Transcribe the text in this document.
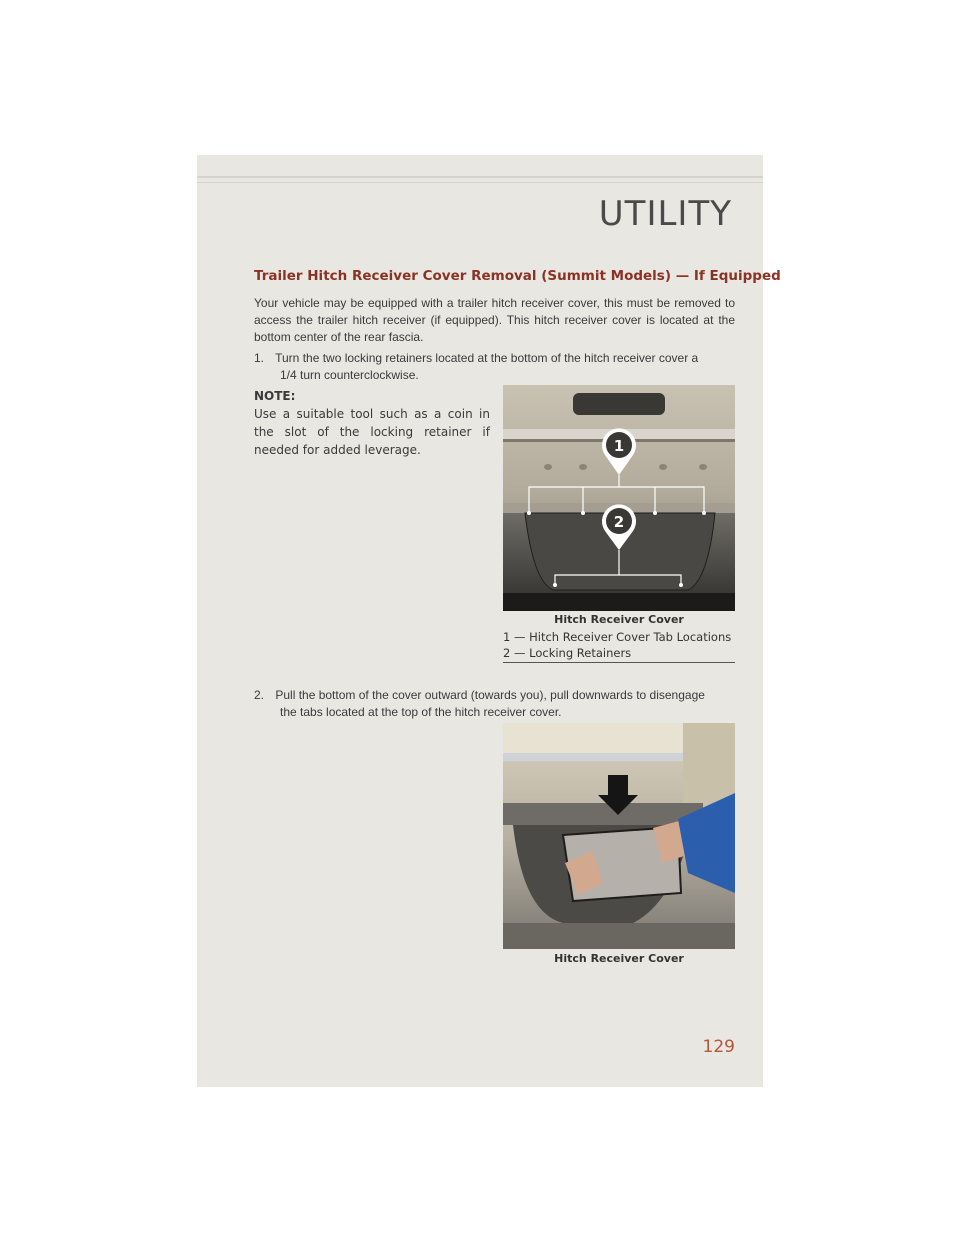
UTILITY
Trailer Hitch Receiver Cover Removal (Summit Models) — If Equipped
Your vehicle may be equipped with a trailer hitch receiver cover, this must be removed to access the trailer hitch receiver (if equipped). This hitch receiver cover is located at the bottom center of the rear fascia.
1. Turn the two locking retainers located at the bottom of the hitch receiver cover a
1/4 turn counterclockwise.
NOTE:
Use a suitable tool such as a coin in the slot of the locking retainer if needed for added leverage.	1
2
Hitch Receiver Cover
1 — Hitch Receiver Cover Tab Locations
2 — Locking Retainers
2. Pull the bottom of the cover outward (towards you), pull downwards to disengage
the tabs located at the top of the hitch receiver cover.
Hitch Receiver Cover
129
